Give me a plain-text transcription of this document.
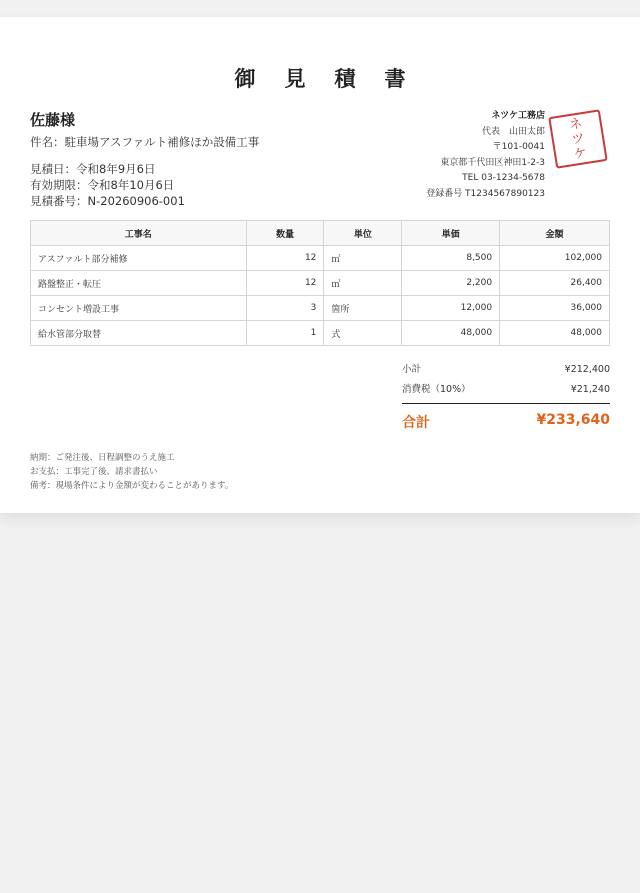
御見積書
佐藤様
件名：駐車場アスファルト補修ほか設備工事
見積日：令和8年9月6日
有効期限：令和8年10月6日
見積番号：N-20260906-001
ネツケ工務店
代表　山田太郎
〒101-0041
東京都千代田区神田1-2-3
TEL 03-1234-5678
登録番号 T1234567890123
ネ
ツ
ケ
工事名	数量	単位	単価	金額
アスファルト部分補修	12	㎡	8,500	102,000
路盤整正・転圧	12	㎡	2,200	26,400
コンセント増設工事	3	箇所	12,000	36,000
給水管部分取替	1	式	48,000	48,000
小計	¥212,400
消費税（10%）	¥21,240
合計	¥233,640
納期：ご発注後、日程調整のうえ施工
お支払：工事完了後、請求書払い
備考：現場条件により金額が変わることがあります。
